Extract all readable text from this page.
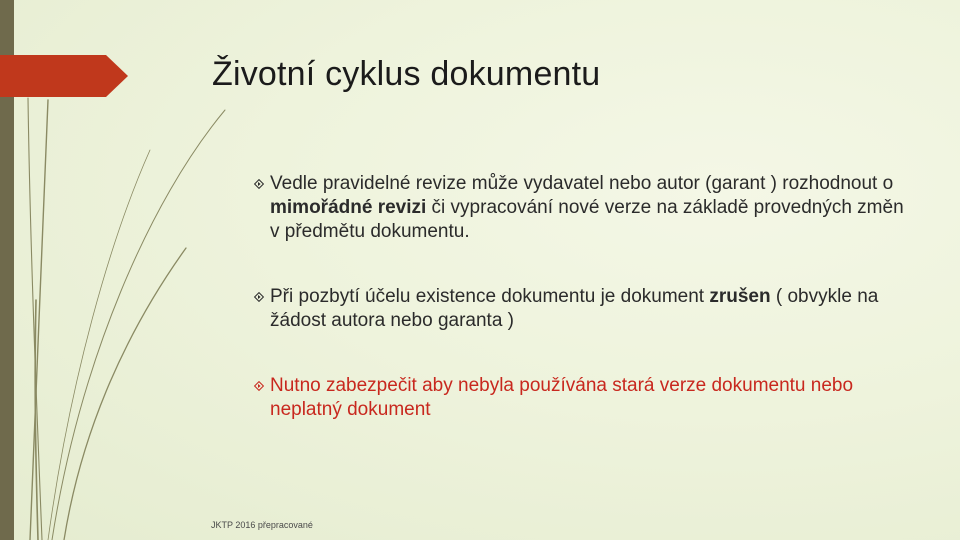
Životní cyklus dokumentu
Vedle pravidelné revize může vydavatel nebo autor (garant ) rozhodnout o mimořádné revizi či vypracování nové verze na základě provedných změn v předmětu dokumentu.
Při pozbytí účelu existence dokumentu je dokument zrušen ( obvykle na žádost autora nebo garanta )
Nutno zabezpečit aby nebyla používána stará verze dokumentu nebo neplatný dokument
JKTP 2016 přepracované
